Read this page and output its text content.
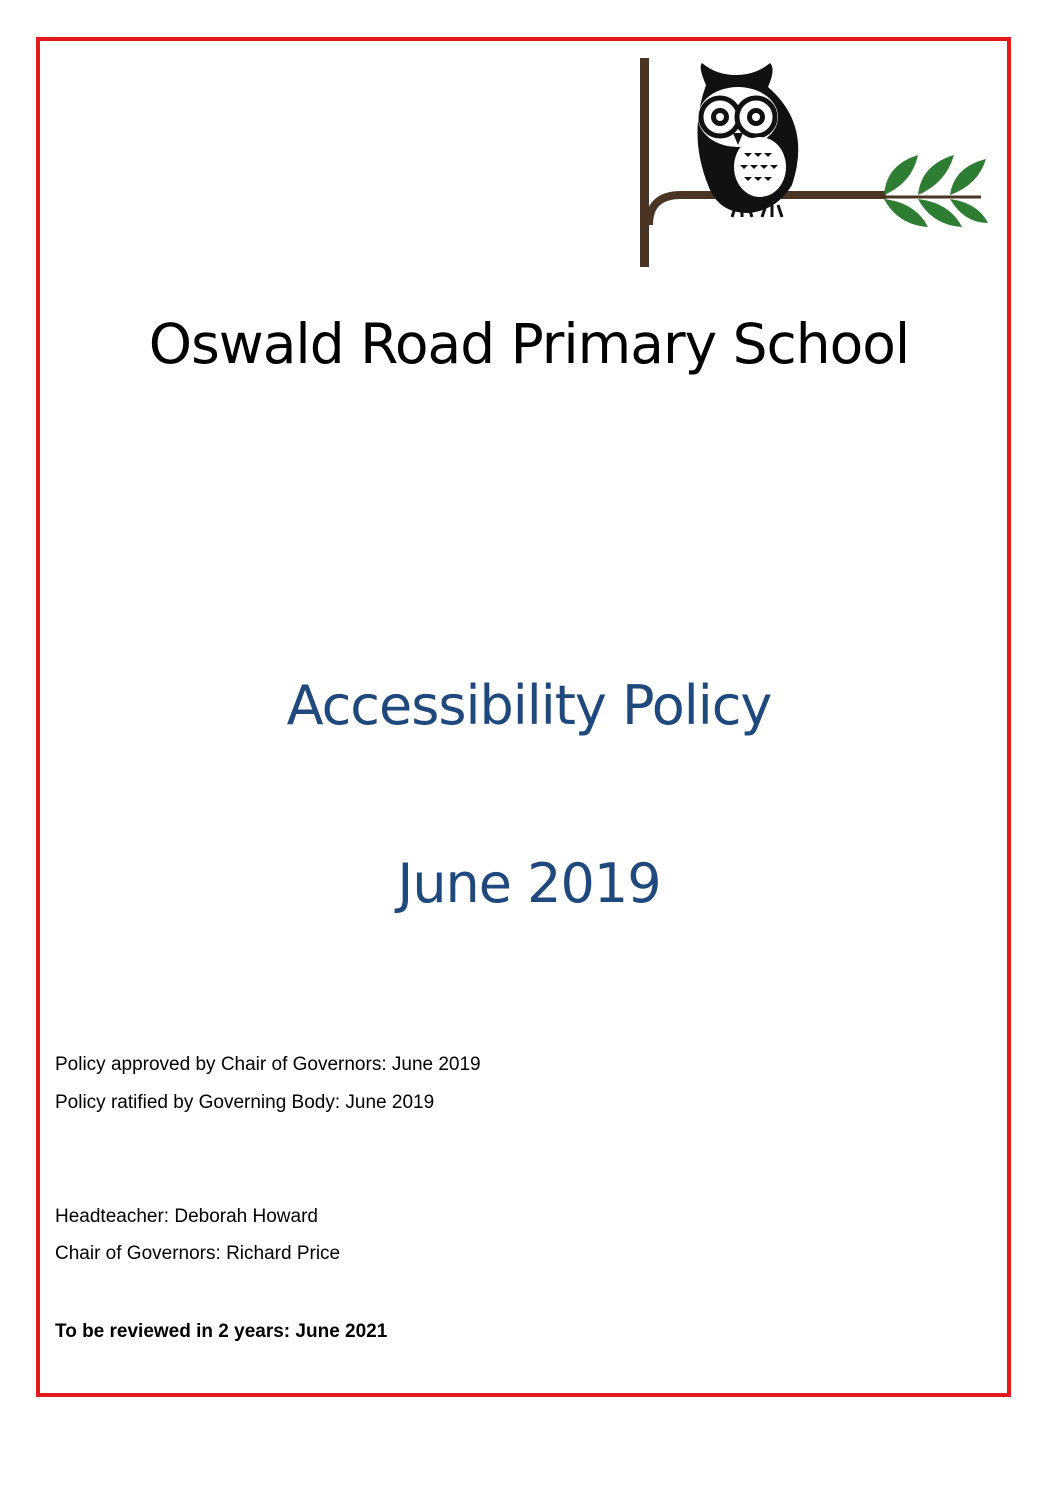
Oswald Road Primary School
Accessibility Policy
June 2019

Policy approved by Chair of Governors: June 2019

Policy ratified by Governing Body: June 2019

Headteacher: Deborah Howard

Chair of Governors: Richard Price

To be reviewed in 2 years: June 2021
